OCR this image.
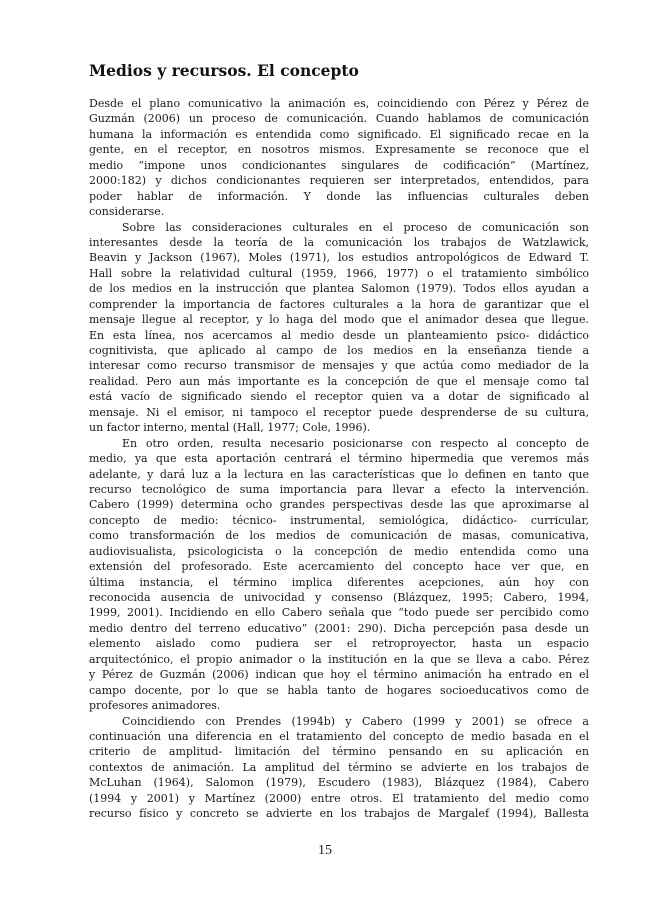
Medios y recursos. El concepto
Desde el plano comunicativo la animación es, coincidiendo con Pérez y Pérez de
Guzmán (2006) un proceso de comunicación. Cuando hablamos de comunicación
humana la información es entendida como significado. El significado recae en la
gente, en el receptor, en nosotros mismos. Expresamente se reconoce que el
medio “impone unos condicionantes singulares de codificación” (Martínez,
2000:182) y dichos condicionantes requieren ser interpretados, entendidos, para
poder hablar de información. Y donde las influencias culturales deben
considerarse.
Sobre las consideraciones culturales en el proceso de comunicación son
interesantes desde la teoría de la comunicación los trabajos de Watzlawick,
Beavin y Jackson (1967), Moles (1971), los estudios antropológicos de Edward T.
Hall sobre la relatividad cultural (1959, 1966, 1977) o el tratamiento simbólico
de los medios en la instrucción que plantea Salomon (1979). Todos ellos ayudan a
comprender la importancia de factores culturales a la hora de garantizar que el
mensaje llegue al receptor, y lo haga del modo que el animador desea que llegue.
En esta línea, nos acercamos al medio desde un planteamiento psico- didáctico
cognitivista, que aplicado al campo de los medios en la enseñanza tiende a
interesar como recurso transmisor de mensajes y que actúa como mediador de la
realidad. Pero aun más importante es la concepción de que el mensaje como tal
está vacío de significado siendo el receptor quien va a dotar de significado al
mensaje. Ni el emisor, ni tampoco el receptor puede desprenderse de su cultura,
un factor interno, mental (Hall, 1977; Cole, 1996).
En otro orden, resulta necesario posicionarse con respecto al concepto de
medio, ya que esta aportación centrará el término hipermedia que veremos más
adelante, y dará luz a la lectura en las características que lo definen en tanto que
recurso tecnológico de suma importancia para llevar a efecto la intervención.
Cabero (1999) determina ocho grandes perspectivas desde las que aproximarse al
concepto de medio: técnico- instrumental, semiológica, didáctico- curricular,
como transformación de los medios de comunicación de masas, comunicativa,
audiovisualista, psicologicista o la concepción de medio entendida como una
extensión del profesorado. Este acercamiento del concepto hace ver que, en
última instancia, el término implica diferentes acepciones, aún hoy con
reconocida ausencia de univocidad y consenso (Blázquez, 1995; Cabero, 1994,
1999, 2001). Incidiendo en ello Cabero señala que “todo puede ser percibido como
medio dentro del terreno educativo” (2001: 290). Dicha percepción pasa desde un
elemento aislado como pudiera ser el retroproyector, hasta un espacio
arquitectónico, el propio animador o la institución en la que se lleva a cabo. Pérez
y Pérez de Guzmán (2006) indican que hoy el término animación ha entrado en el
campo docente, por lo que se habla tanto de hogares socioeducativos como de
profesores animadores.
Coincidiendo con Prendes (1994b) y Cabero (1999 y 2001) se ofrece a
continuación una diferencia en el tratamiento del concepto de medio basada en el
criterio de amplitud- limitación del término pensando en su aplicación en
contextos de animación. La amplitud del término se advierte en los trabajos de
McLuhan (1964), Salomon (1979), Escudero (1983), Blázquez (1984), Cabero
(1994 y 2001) y Martínez (2000) entre otros. El tratamiento del medio como
recurso físico y concreto se advierte en los trabajos de Margalef (1994), Ballesta
15
